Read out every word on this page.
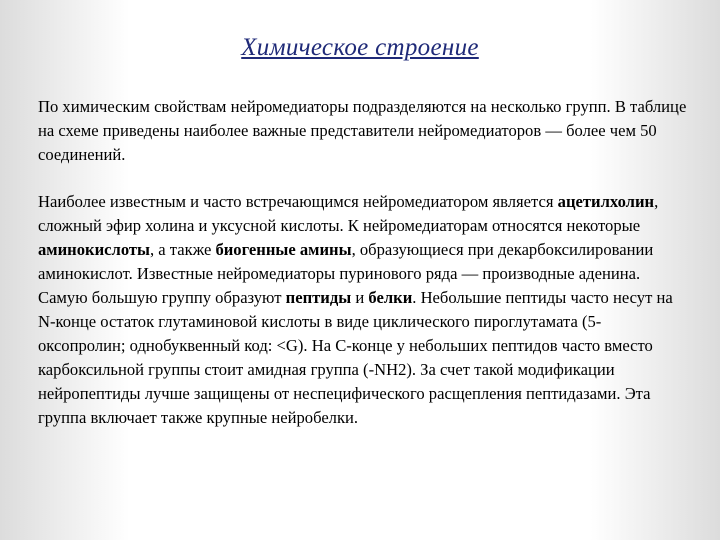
Химическое строение

По химическим свойствам нейромедиаторы подразделяются на несколько групп. В таблице на схеме приведены наиболее важные представители нейромедиаторов — более чем 50 соединений.

Наиболее известным и часто встречающимся нейромедиатором является ацетилхолин, сложный эфир холина и уксусной кислоты. К нейромедиаторам относятся некоторые аминокислоты, а также биогенные амины, образующиеся при декарбоксилировании аминокислот. Известные нейромедиаторы пуринового ряда — производные аденина. Самую большую группу образуют пептиды и белки. Небольшие пептиды часто несут на N-конце остаток глутаминовой кислоты в виде циклического пироглутамата (5-оксопролин; однобуквенный код: <G). На С-конце у небольших пептидов часто вместо карбоксильной группы стоит амидная группа (-NH2). За счет такой модификации нейропептиды лучше защищены от неспецифического расщепления пептидазами. Эта группа включает также крупные нейробелки.
